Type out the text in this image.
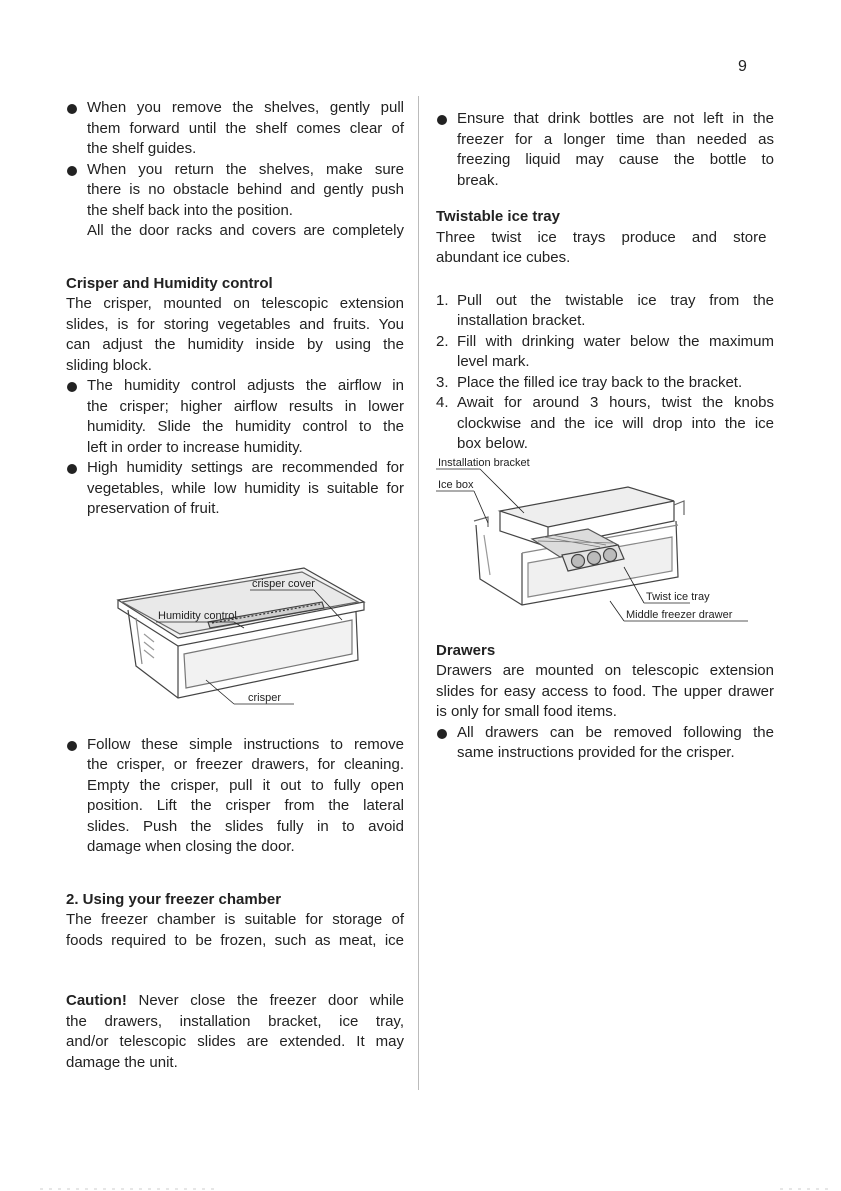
9
When you remove the shelves, gently pull
them forward until the shelf comes clear of
the shelf guides.
When you return the shelves, make sure
there is no obstacle behind and gently push
the shelf back into the position.
All the door racks and covers are completely
Crisper and Humidity control
The crisper, mounted on telescopic extension
slides, is for storing vegetables and fruits. You
can adjust the humidity inside by using the
sliding block.
The humidity control adjusts the airflow in
the crisper; higher airflow results in lower
humidity. Slide the humidity control to the
left in order to increase humidity.
High humidity settings are recommended for
vegetables, while low humidity is suitable for
preservation of fruit.
crisper cover
Humidity control
crisper
Follow these simple instructions to remove
the crisper, or freezer drawers, for cleaning.
Empty the crisper, pull it out to fully open
position. Lift the crisper from the lateral
slides. Push the slides fully in to avoid
damage when closing the door.
2. Using your freezer chamber
The freezer chamber is suitable for storage of
foods required to be frozen, such as meat, ice
Caution! Never close the freezer door while
the drawers, installation bracket, ice tray,
and/or telescopic slides are extended. It may
damage the unit.
Ensure that drink bottles are not left in the
freezer for a longer time than needed as
freezing liquid may cause the bottle to
break.
Twistable ice tray
Three twist ice trays produce and store
abundant ice cubes.
1. Pull out the twistable ice tray from the
installation bracket.
2. Fill with drinking water below the maximum
level mark.
3. Place the filled ice tray back to the bracket.
4. Await for around 3 hours, twist the knobs
clockwise and the ice will drop into the ice
box below.
Installation bracket
Ice box
Twist ice tray
Middle freezer drawer
Drawers
Drawers are mounted on telescopic extension
slides for easy access to food. The upper drawer
is only for small food items.
All drawers can be removed following the
same instructions provided for the crisper.
